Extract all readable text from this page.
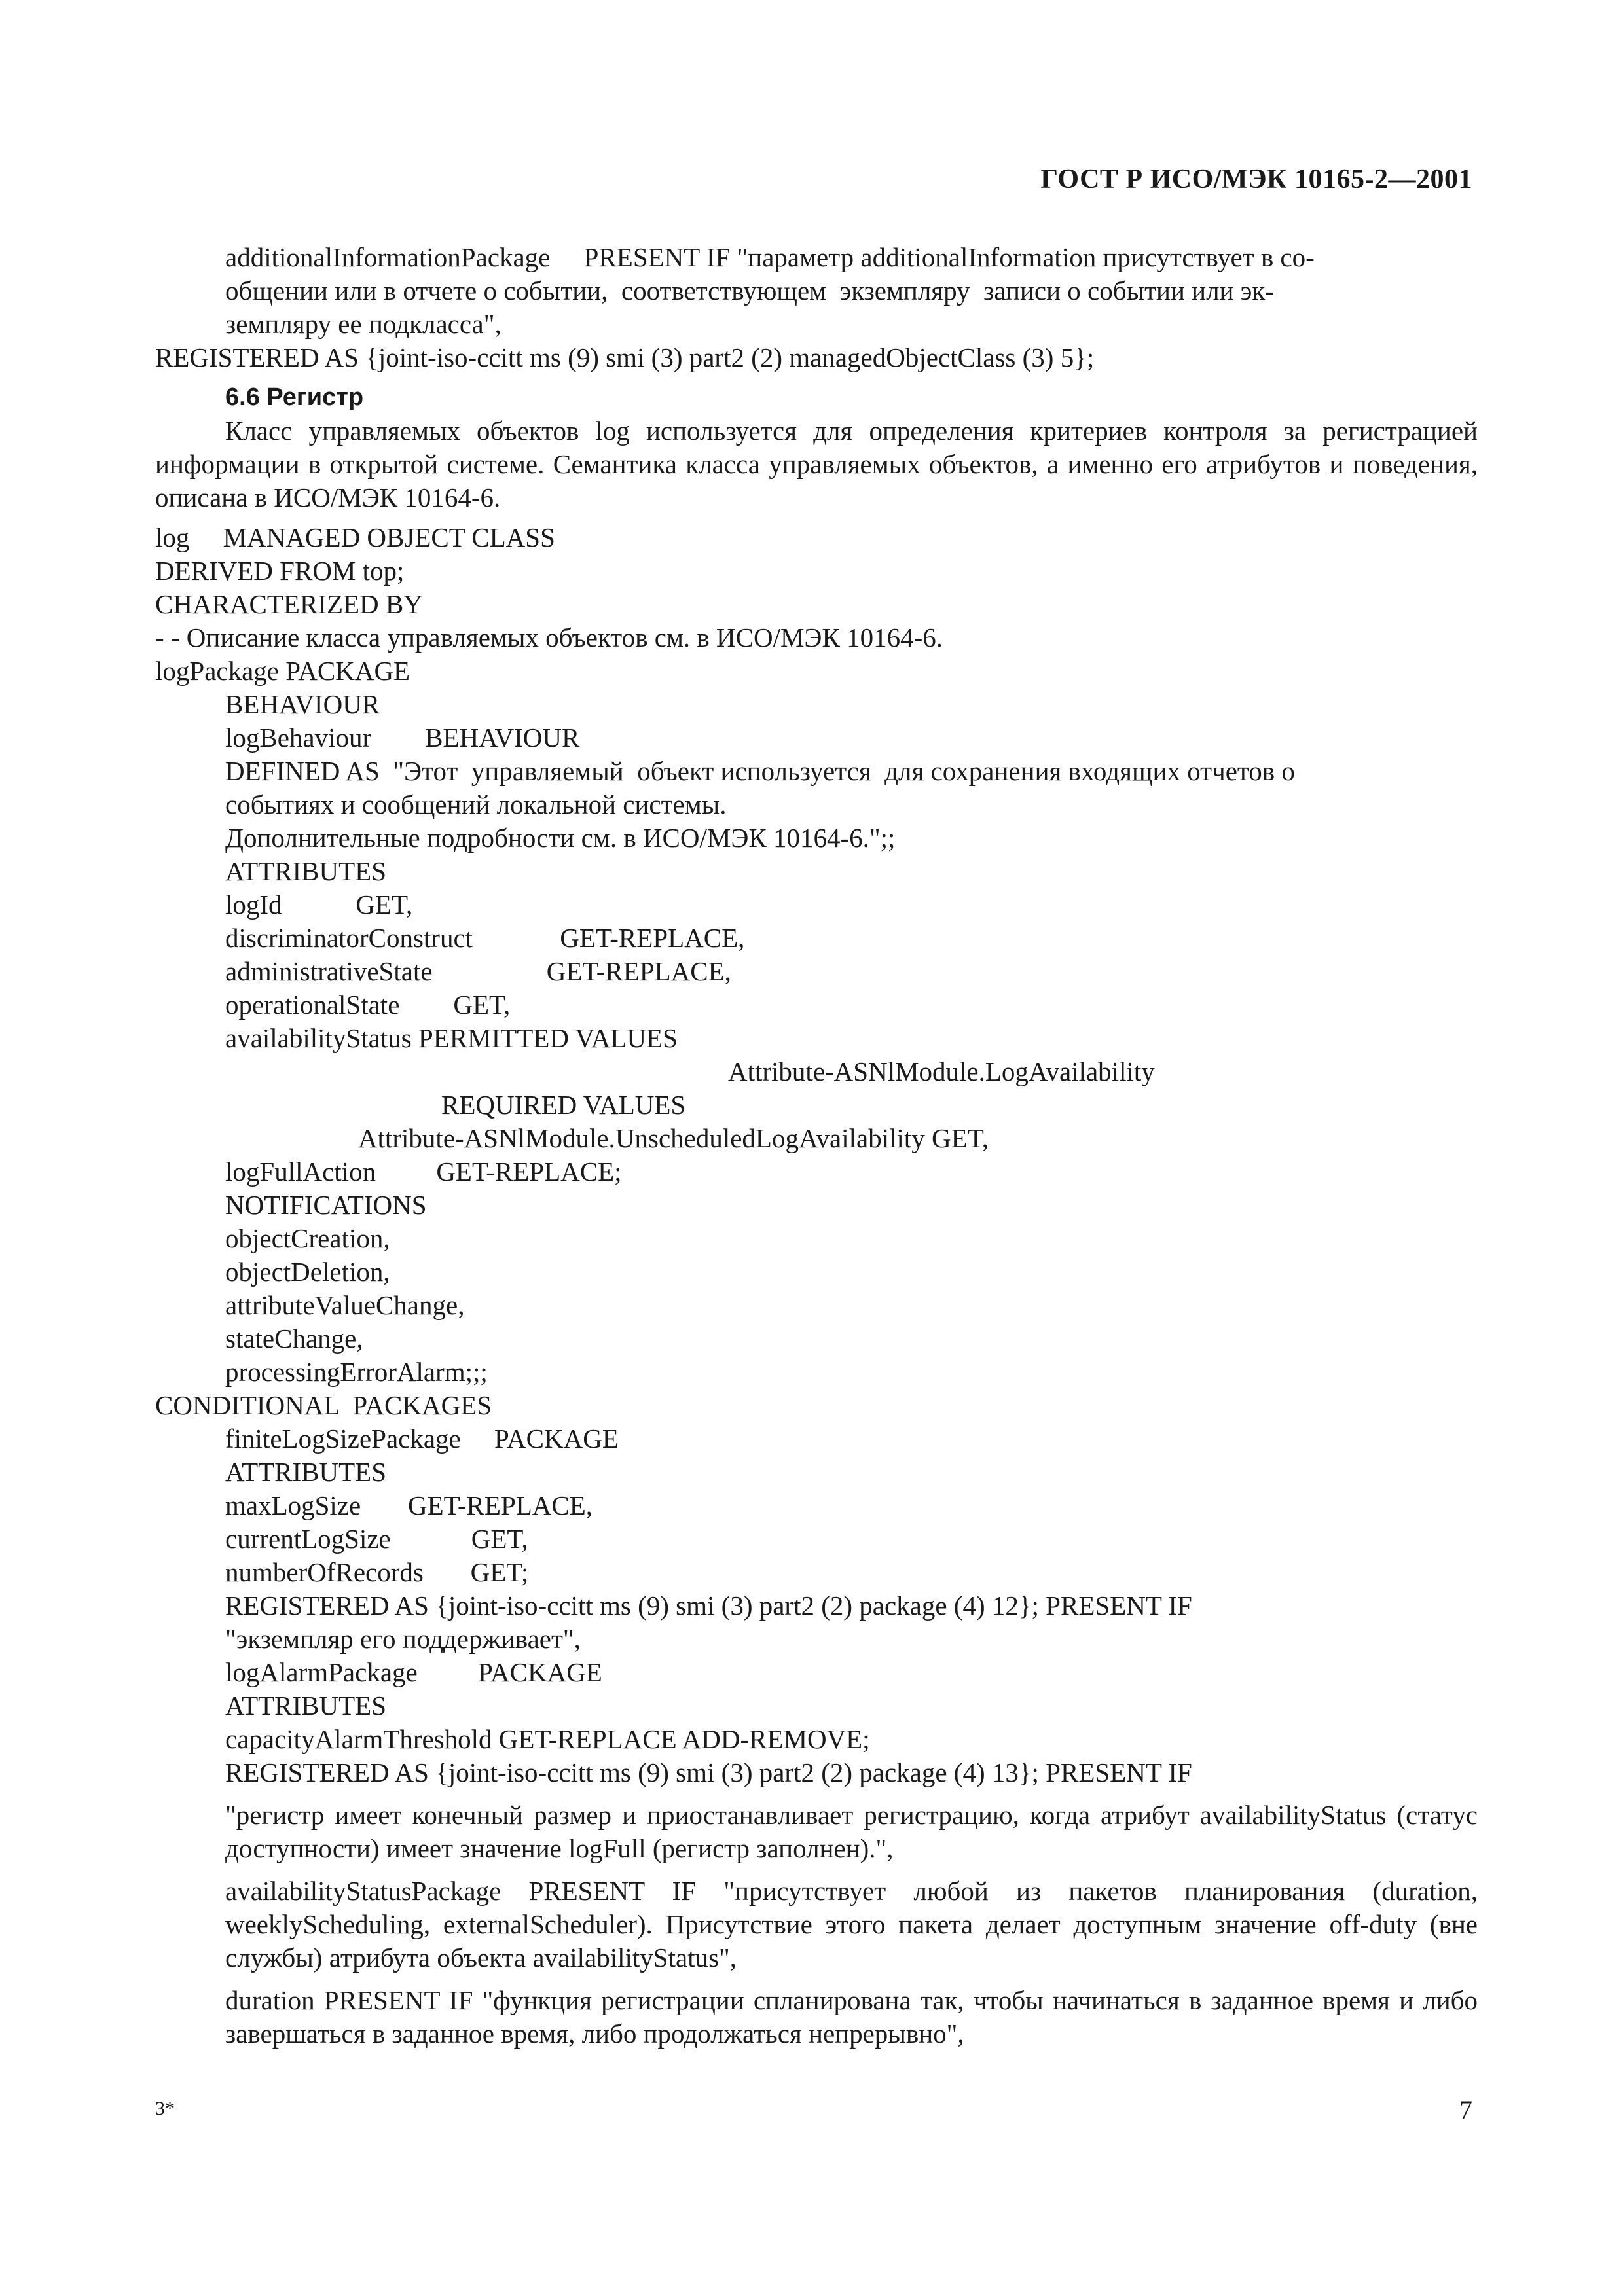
ГОСТ Р ИСО/МЭК 10165-2—2001
additionalInformationPackage     PRESENT IF "параметр additionalInformation присутствует в со-
общении или в отчете о событии,  соответствующем  экземпляру  записи о событии или эк-
земпляру ее подкласса",
REGISTERED AS {joint-iso-ccitt ms (9) smi (3) part2 (2) managedObjectClass (3) 5};
6.6 Регистр
Класс управляемых объектов log используется для определения критериев контроля за регистрацией информации в открытой системе. Семантика класса управляемых объектов, а именно его атрибутов и поведения, описана в ИСО/МЭК 10164-6.
log     MANAGED OBJECT CLASS
DERIVED FROM top;
CHARACTERIZED BY
- - Описание класса управляемых объектов см. в ИСО/МЭК 10164-6.
logPackage PACKAGE
BEHAVIOUR
logBehaviour        BEHAVIOUR
DEFINED AS  "Этот  управляемый  объект используется  для сохранения входящих отчетов о
событиях и сообщений локальной системы.
Дополнительные подробности см. в ИСО/МЭК 10164-6.";;
ATTRIBUTES
logId           GET,
discriminatorConstruct             GET-REPLACE,
administrativeState                 GET-REPLACE,
operationalState        GET,
availabilityStatus PERMITTED VALUES
Attribute-ASNlModule.LogAvailability
REQUIRED VALUES
Attribute-ASNlModule.UnscheduledLogAvailability GET,
logFullAction         GET-REPLACE;
NOTIFICATIONS
objectCreation,
objectDeletion,
attributeValueChange,
stateChange,
processingErrorAlarm;;;
CONDITIONAL  PACKAGES
finiteLogSizePackage     PACKAGE
ATTRIBUTES
maxLogSize       GET-REPLACE,
currentLogSize            GET,
numberOfRecords       GET;
REGISTERED AS {joint-iso-ccitt ms (9) smi (3) part2 (2) package (4) 12}; PRESENT IF
"экземпляр его поддерживает",
logAlarmPackage         PACKAGE
ATTRIBUTES
capacityAlarmThreshold GET-REPLACE ADD-REMOVE;
REGISTERED AS {joint-iso-ccitt ms (9) smi (3) part2 (2) package (4) 13}; PRESENT IF
"регистр имеет конечный размер и приостанавливает регистрацию, когда атрибут availabilityStatus (статус доступности) имеет значение logFull (регистр заполнен).",
availabilityStatusPackage PRESENT IF "присутствует любой из пакетов планирования (duration, weeklyScheduling, externalScheduler). Присутствие этого пакета делает доступным значение off-duty (вне службы) атрибута объекта availabilityStatus",
duration PRESENT IF "функция регистрации спланирована так, чтобы начинаться в заданное время и либо завершаться в заданное время, либо продолжаться непрерывно",
3*	7
